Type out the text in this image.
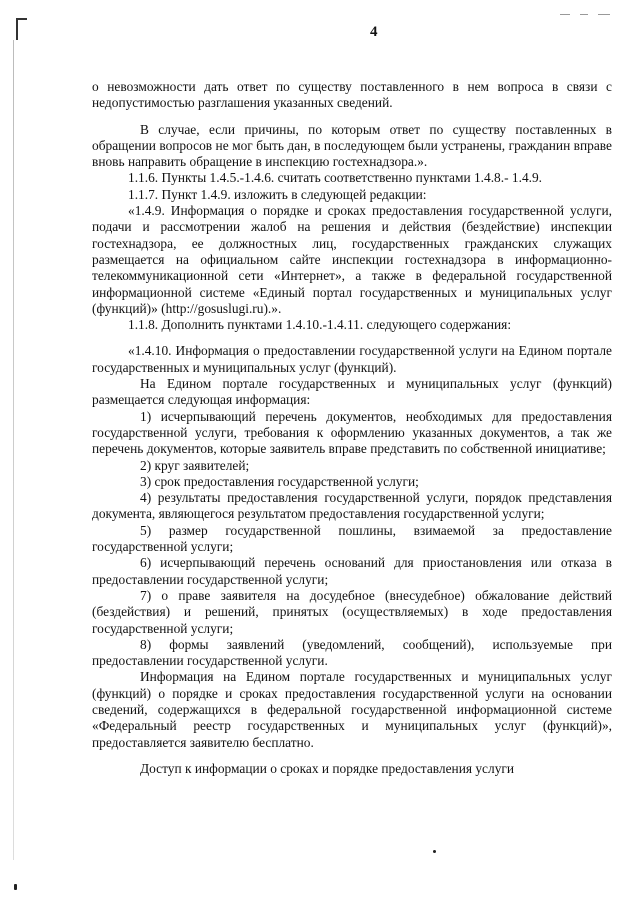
4

о невозможности дать ответ по существу поставленного в нем вопроса в связи с недопустимостью разглашения указанных сведений.

В случае, если причины, по которым ответ по существу поставленных в обращении вопросов не мог быть дан, в последующем были устранены, гражданин вправе вновь направить обращение в инспекцию гостехнадзора.».

1.1.6. Пункты 1.4.5.-1.4.6. считать соответственно пунктами 1.4.8.- 1.4.9.

1.1.7. Пункт 1.4.9. изложить в следующей редакции:

«1.4.9. Информация о порядке и сроках предоставления государственной услуги, подачи и рассмотрении жалоб на решения и действия (бездействие) инспекции гостехнадзора, ее должностных лиц, государственных гражданских служащих размещается на официальном сайте инспекции гостехнадзора в информационно-телекоммуникационной сети «Интернет», а также в федеральной государственной информационной системе «Единый портал государственных и муниципальных услуг (функций)» (http://gosuslugi.ru).».

1.1.8. Дополнить пунктами 1.4.10.-1.4.11. следующего содержания:

«1.4.10. Информация о предоставлении государственной услуги на Едином портале государственных и муниципальных услуг (функций).

На Едином портале государственных и муниципальных услуг (функций) размещается следующая информация:

1) исчерпывающий перечень документов, необходимых для предоставления государственной услуги, требования к оформлению указанных документов, а так же перечень документов, которые заявитель вправе представить по собственной инициативе;

2) круг заявителей;

3) срок предоставления государственной услуги;

4) результаты предоставления государственной услуги, порядок представления документа, являющегося результатом предоставления государственной услуги;

5) размер государственной пошлины, взимаемой за предоставление государственной услуги;

6) исчерпывающий перечень оснований для приостановления или отказа в предоставлении государственной услуги;

7) о праве заявителя на досудебное (внесудебное) обжалование действий (бездействия) и решений, принятых (осуществляемых) в ходе предоставления государственной услуги;

8) формы заявлений (уведомлений, сообщений), используемые при предоставлении государственной услуги.

Информация на Едином портале государственных и муниципальных услуг (функций) о порядке и сроках предоставления государственной услуги на основании сведений, содержащихся в федеральной государственной информационной системе «Федеральный реестр государственных и муниципальных услуг (функций)», предоставляется заявителю бесплатно.

Доступ к информации о сроках и порядке предоставления услуги
